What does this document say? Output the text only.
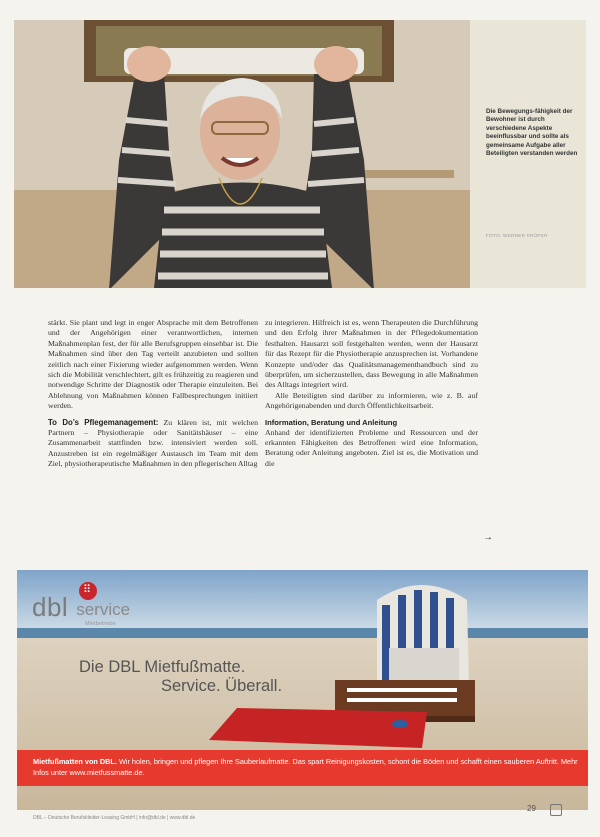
Die Bewegungs-fähigkeit der Bewohner ist durch verschiedene Aspekte beeinflussbar und sollte als gemeinsame Aufgabe aller Beteiligten verstanden werden
FOTO: WERNER KRÜPER

stärkt. Sie plant und legt in enger Absprache mit dem Betroffenen und der Angehörigen einer verantwortlichen, internen Maßnahmenplan fest, der für alle Berufsgruppen einsehbar ist. Die Maßnahmen sind über den Tag verteilt anzubieten und sollten zeitlich nach einer Fixierung wieder aufgenommen werden. Wenn sich die Mobilität verschlechtert, gilt es frühzeitig zu reagieren und notwendige Schritte der Diagnostik oder Therapie einzuleiten. Bei Ablehnung von Maßnahmen können Fallbesprechungen initiiert werden.

To Do’s Pflegemanagement: Zu klären ist, mit welchen Partnern – Physiotherapie oder Sanitätshäuser – eine Zusammenarbeit stattfinden bzw. intensiviert werden soll. Anzustreben ist ein regelmäßiger Austausch im Team mit dem Ziel, physiotherapeutische Maßnahmen in den pflegerischen Alltag

zu integrieren. Hilfreich ist es, wenn Therapeuten die Durchführung und den Erfolg ihrer Maßnahmen in der Pflegedokumentation festhalten. Hausarzt soll festgehalten werden, wenn der Hausarzt für das Rezept für die Physiotherapie anzusprechen ist. Vorhandene Konzepte und/oder das Qualitätsmanagementhandbuch sind zu überprüfen, um sicherzustellen, dass Bewegung in alle Maßnahmen des Alltags integriert wird.

Alle Beteiligten sind darüber zu informieren, wie z. B. auf Angehörigenabenden und durch Öffentlichkeitsarbeit.

Information, Beratung und Anleitung

Anhand der identifizierten Probleme und Ressourcen und der erkannten Fähigkeiten des Betroffenen wird eine Information, Beratung oder Anleitung angeboten. Ziel ist es, die Motivation und die

→
dbl
⠿ service
Mietbetriebe
Die DBL Mietfußmatte.
Service. Überall.
Mietfußmatten von DBL. Wir holen, bringen und pflegen Ihre Sauberlaufmatte. Das spart Reinigungskosten, schont die Böden und schafft einen sauberen Auftritt. Mehr Infos unter www.mietfussmatte.de.
DBL – Deutsche Berufskleider-Leasing GmbH | info@dbl.de | www.dbl.de
29
